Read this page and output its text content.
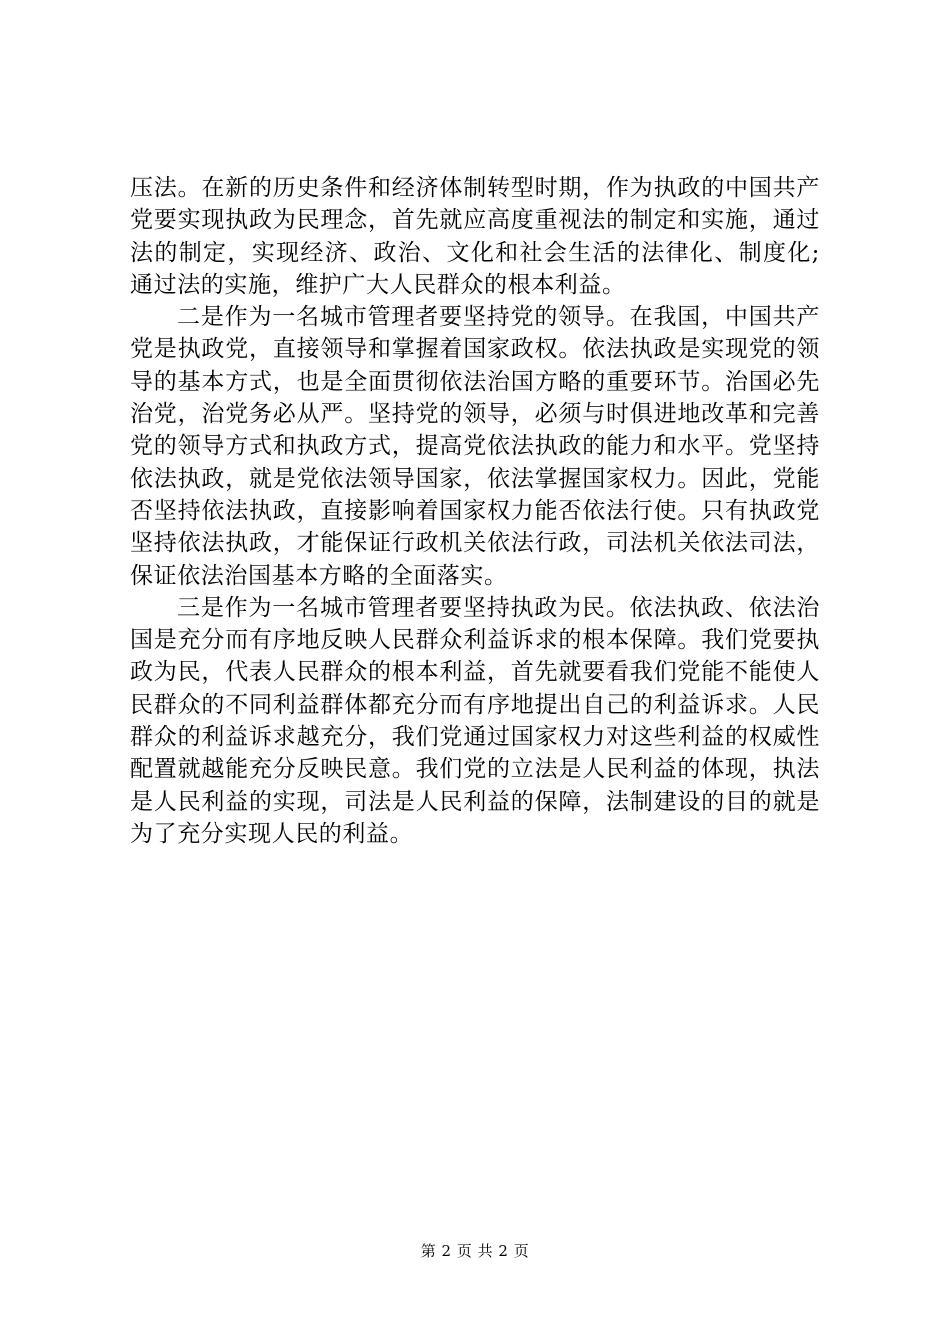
压法。在新的历史条件和经济体制转型时期，作为执政的中国共产党要实现执政为民理念，首先就应高度重视法的制定和实施，通过法的制定，实现经济、政治、文化和社会生活的法律化、制度化;通过法的实施，维护广大人民群众的根本利益。

二是作为一名城市管理者要坚持党的领导。在我国，中国共产党是执政党，直接领导和掌握着国家政权。依法执政是实现党的领导的基本方式，也是全面贯彻依法治国方略的重要环节。治国必先治党，治党务必从严。坚持党的领导，必须与时俱进地改革和完善党的领导方式和执政方式，提高党依法执政的能力和水平。党坚持依法执政，就是党依法领导国家，依法掌握国家权力。因此，党能否坚持依法执政，直接影响着国家权力能否依法行使。只有执政党坚持依法执政，才能保证行政机关依法行政，司法机关依法司法，保证依法治国基本方略的全面落实。

三是作为一名城市管理者要坚持执政为民。依法执政、依法治国是充分而有序地反映人民群众利益诉求的根本保障。我们党要执政为民，代表人民群众的根本利益，首先就要看我们党能不能使人民群众的不同利益群体都充分而有序地提出自己的利益诉求。人民群众的利益诉求越充分，我们党通过国家权力对这些利益的权威性配置就越能充分反映民意。我们党的立法是人民利益的体现，执法是人民利益的实现，司法是人民利益的保障，法制建设的目的就是为了充分实现人民的利益。

第 2 页 共 2 页
